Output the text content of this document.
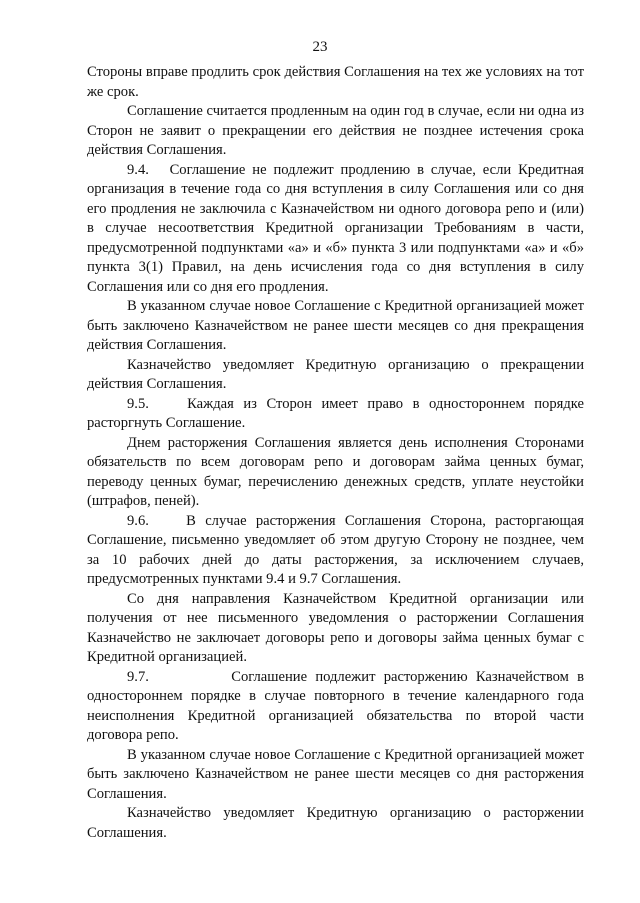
23

Стороны вправе продлить срок действия Соглашения на тех же условиях на тот же срок.

Соглашение считается продленным на один год в случае, если ни одна из Сторон не заявит о прекращении его действия не позднее истечения срока действия Соглашения.

9.4.   Соглашение не подлежит продлению в случае, если Кредитная организация в течение года со дня вступления в силу Соглашения или со дня его продления не заключила с Казначейством ни одного договора репо и (или) в случае несоответствия Кредитной организации Требованиям в части, предусмотренной подпунктами «а» и «б» пункта 3 или подпунктами «а» и «б» пункта 3(1) Правил, на день исчисления года со дня вступления в силу Соглашения или со дня его продления.

В указанном случае новое Соглашение с Кредитной организацией может быть заключено Казначейством не ранее шести месяцев со дня прекращения действия Соглашения.

Казначейство уведомляет Кредитную организацию о прекращении действия Соглашения.

9.5.    Каждая из Сторон имеет право в одностороннем порядке расторгнуть Соглашение.

Днем расторжения Соглашения является день исполнения Сторонами обязательств по всем договорам репо и договорам займа ценных бумаг, переводу ценных бумаг, перечислению денежных средств, уплате неустойки (штрафов, пеней).

9.6.    В случае расторжения Соглашения Сторона, расторгающая Соглашение, письменно уведомляет об этом другую Сторону не позднее, чем за 10 рабочих дней до даты расторжения, за исключением случаев, предусмотренных пунктами 9.4 и 9.7 Соглашения.

Со дня направления Казначейством Кредитной организации или получения от нее письменного уведомления о расторжении Соглашения Казначейство не заключает договоры репо и договоры займа ценных бумаг с Кредитной организацией.

9.7.          Соглашение подлежит расторжению Казначейством в одностороннем порядке в случае повторного в течение календарного года неисполнения Кредитной организацией обязательства по второй части договора репо.

В указанном случае новое Соглашение с Кредитной организацией может быть заключено Казначейством не ранее шести месяцев со дня расторжения Соглашения.

Казначейство уведомляет Кредитную организацию о расторжении Соглашения.
